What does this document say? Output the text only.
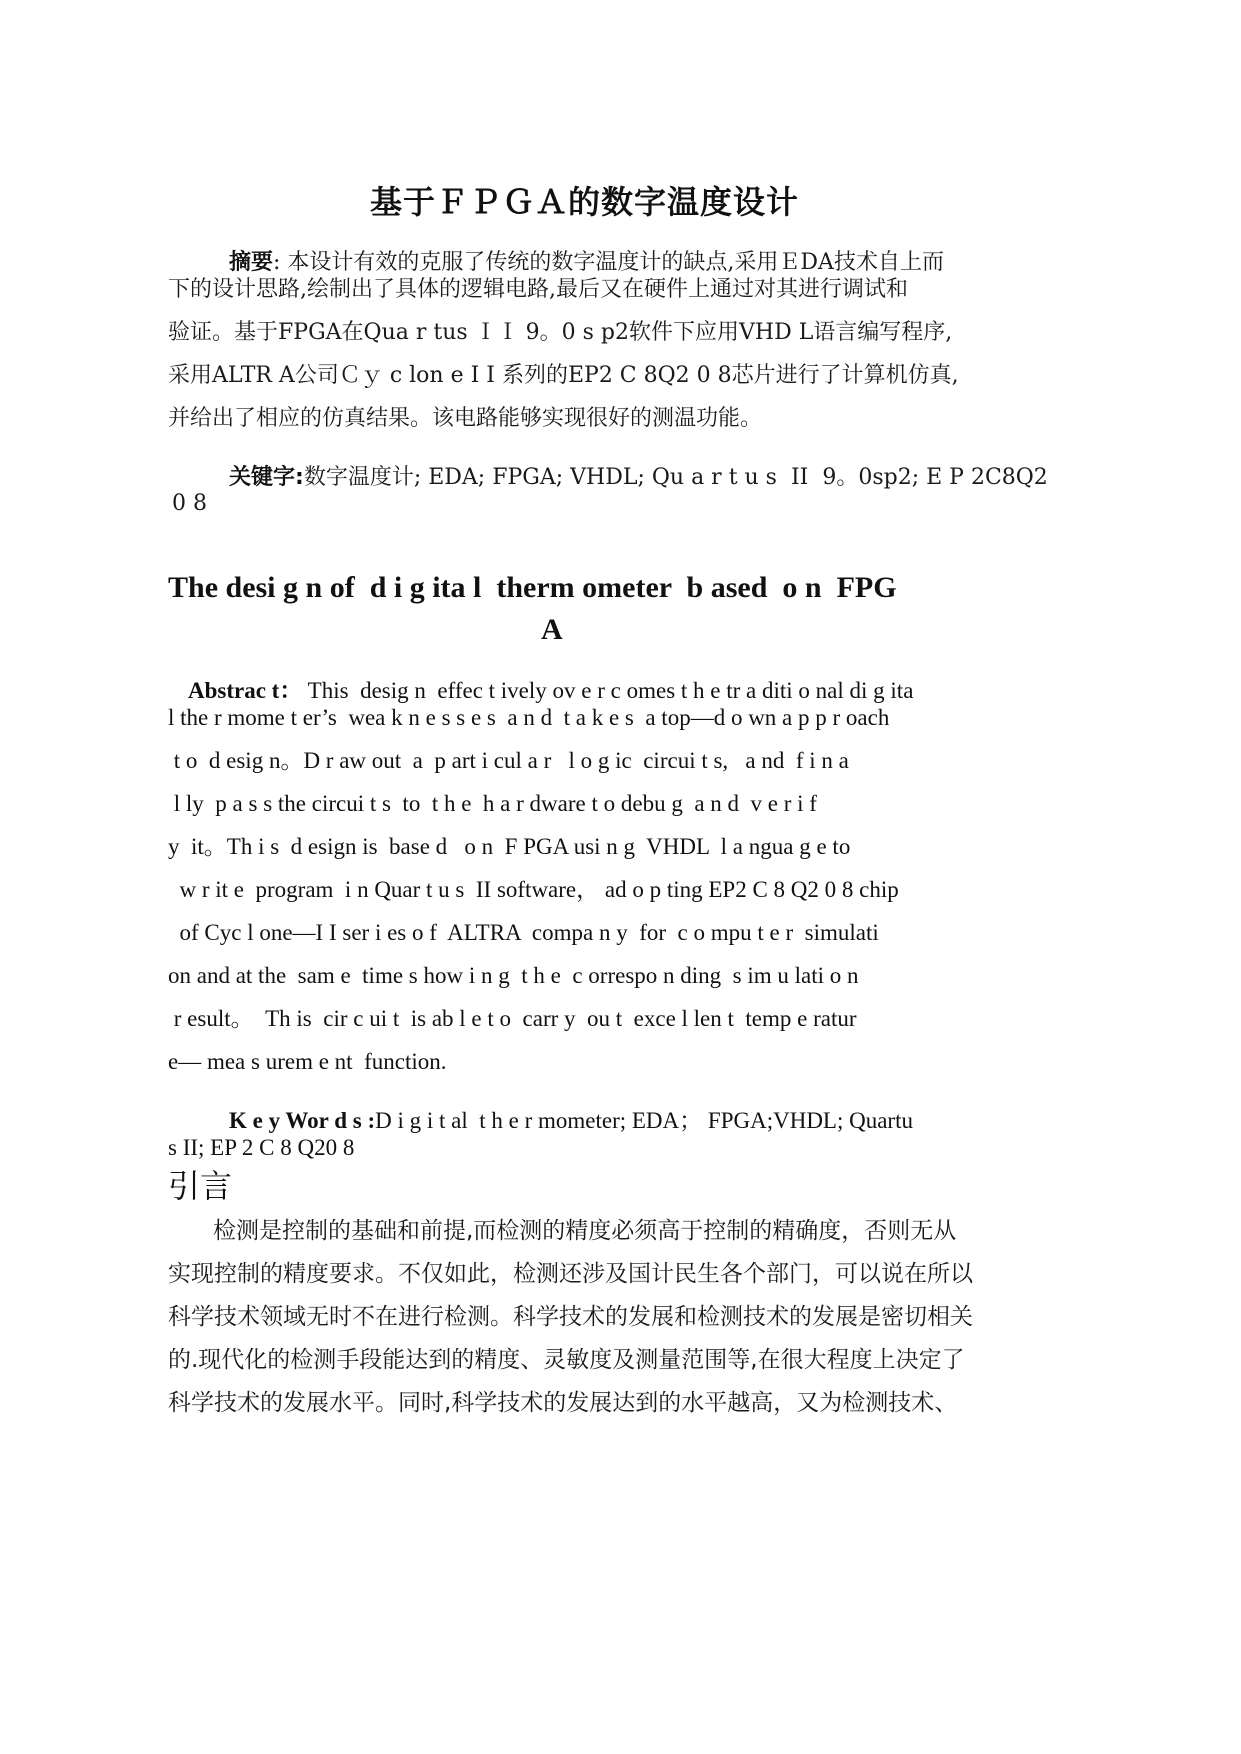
基于ＦＰＧＡ的数字温度设计

摘要: 本设计有效的克服了传统的数字温度计的缺点,采用ＥDA技术自上而

下的设计思路,绘制出了具体的逻辑电路,最后又在硬件上通过对其进行调试和
验证。基于FPGA在Qua r tus ＩＩ 9。0 s p2软件下应用VHD L语言编写程序,
采用ALTR A公司Ｃｙ c lon e I I 系列的EP2 C 8Q2 0 8芯片进行了计算机仿真,
并给出了相应的仿真结果。该电路能够实现很好的测温功能。

关键字:数字温度计; EDA; FPGA; VHDL; Qu a r t u s  II  9。0sp2; E P 2C8Q2

0 8
The desi g n of  d i g ita l  therm ometer  b ased  o n  FPG
A

Abstrac t： This  desig n  effec t ively ov e r c omes t h e tr a diti o nal di g ita

l the r mome t er’s  wea k n e s s e s  a n d  t a k e s  a top—d o wn a p p r oach
t o  d esig n。D r aw out  a  p art i cul a r   l o g ic  circui t s,   a nd  f i n a
l ly  p a s s the circui t s  to  t h e  h a r dware t o debu g  a n d  v e r i f
y  it。Th i s  d esign is  base d   o n  F PGA usi n g  VHDL  l a ngua g e to
w r it e  program  i n Quar t u s  II software， ad o p ting EP2 C 8 Q2 0 8 chip
of Cyc l one—I I ser i es o f  ALTRA  compa n y  for  c o mpu t e r  simulati
on and at the  sam e  time s how i n g  t h e  c orrespo n ding  s im u lati o n
r esult。  Th is  cir c ui t  is ab l e t o  carr y  ou t  exce l len t  temp e ratur
e— mea s urem e nt  function.

K e y Wor d s :D i g i t al  t h e r mometer; EDA； FPGA;VHDL; Quartu

s II; EP 2 C 8 Q20 8
引言
检测是控制的基础和前提,而检测的精度必须高于控制的精确度，否则无从
实现控制的精度要求。不仅如此，检测还涉及国计民生各个部门，可以说在所以
科学技术领域无时不在进行检测。科学技术的发展和检测技术的发展是密切相关
的.现代化的检测手段能达到的精度、灵敏度及测量范围等,在很大程度上决定了
科学技术的发展水平。同时,科学技术的发展达到的水平越高，又为检测技术、
